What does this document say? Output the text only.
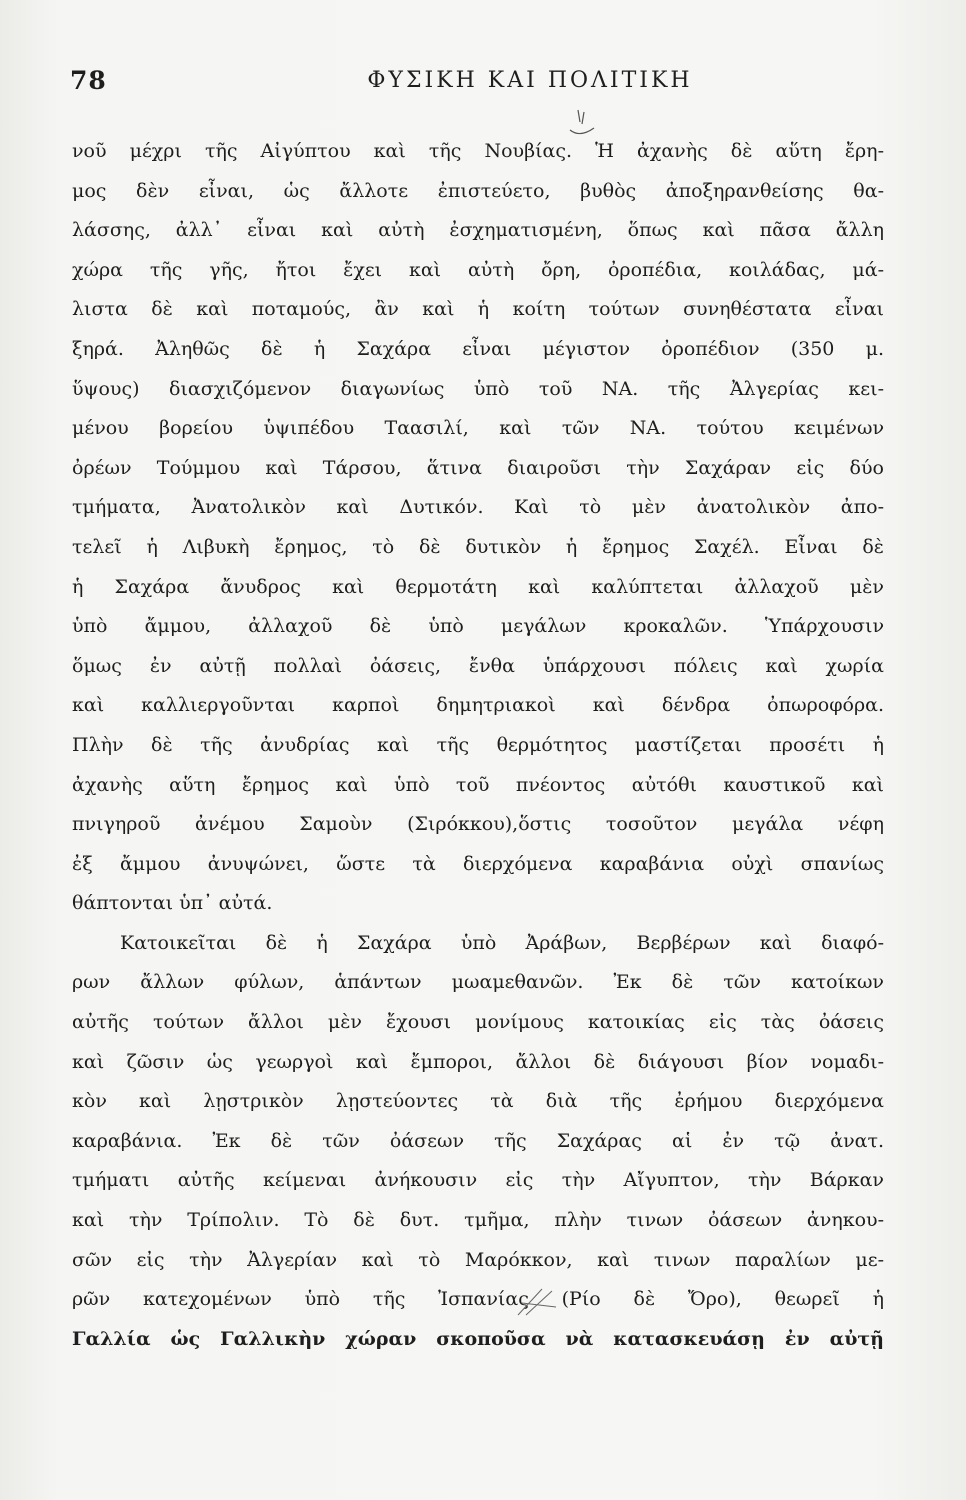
78	ΦΥΣΙΚΗ ΚΑΙ ΠΟΛΙΤΙΚΗ
νοῦ μέχρι τῆς Αἰγύπτου καὶ τῆς Νουβίας. Ἡ ἀχανὴς δὲ αὕτη ἔρη-
μος δὲν εἶναι, ὡς ἄλλοτε ἐπιστεύετο, βυθὸς ἀποξηρανθείσης θα-
λάσσης, ἀλλ᾽ εἶναι καὶ αὐτὴ ἐσχηματισμένη, ὅπως καὶ πᾶσα ἄλλη
χώρα τῆς γῆς, ἤτοι ἔχει καὶ αὐτὴ ὄρη, ὀροπέδια, κοιλάδας, μά-
λιστα δὲ καὶ ποταμούς, ἂν καὶ ἡ κοίτη τούτων συνηθέστατα εἶναι
ξηρά. Ἀληθῶς δὲ ἡ Σαχάρα εἶναι μέγιστον ὀροπέδιον (350 μ.
ὕψους) διασχιζόμενον διαγωνίως ὑπὸ τοῦ ΝΑ. τῆς Ἀλγερίας κει-
μένου βορείου ὑψιπέδου Ταασιλί, καὶ τῶν ΝΑ. τούτου κειμένων
ὀρέων Τούμμου καὶ Τάρσου, ἅτινα διαιροῦσι τὴν Σαχάραν εἰς δύο
τμήματα, Ἀνατολικὸν καὶ Δυτικόν. Καὶ τὸ μὲν ἀνατολικὸν ἀπο-
τελεῖ ἡ Λιβυκὴ ἔρημος, τὸ δὲ δυτικὸν ἡ ἔρημος Σαχέλ. Εἶναι δὲ
ἡ Σαχάρα ἄνυδρος καὶ θερμοτάτη καὶ καλύπτεται ἀλλαχοῦ μὲν
ὑπὸ ἄμμου, ἀλλαχοῦ δὲ ὑπὸ μεγάλων κροκαλῶν. Ὑπάρχουσιν
ὅμως ἐν αὐτῇ πολλαὶ ὀάσεις, ἔνθα ὑπάρχουσι πόλεις καὶ χωρία
καὶ καλλιεργοῦνται καρποὶ δημητριακοὶ καὶ δένδρα ὀπωροφόρα.
Πλὴν δὲ τῆς ἀνυδρίας καὶ τῆς θερμότητος μαστίζεται προσέτι ἡ
ἀχανὴς αὕτη ἔρημος καὶ ὑπὸ τοῦ πνέοντος αὐτόθι καυστικοῦ καὶ
πνιγηροῦ ἀνέμου Σαμοὺν (Σιρόκκου),ὅστις τοσοῦτον μεγάλα νέφη
ἐξ ἄμμου ἀνυψώνει, ὥστε τὰ διερχόμενα καραβάνια οὐχὶ σπανίως
θάπτονται ὑπ᾽ αὐτά.
Κατοικεῖται δὲ ἡ Σαχάρα ὑπὸ Ἀράβων, Βερβέρων καὶ διαφό-
ρων ἄλλων φύλων, ἁπάντων μωαμεθανῶν. Ἐκ δὲ τῶν κατοίκων
αὐτῆς τούτων ἄλλοι μὲν ἔχουσι μονίμους κατοικίας εἰς τὰς ὀάσεις
καὶ ζῶσιν ὡς γεωργοὶ καὶ ἔμποροι, ἄλλοι δὲ διάγουσι βίον νομαδι-
κὸν καὶ λῃστρικὸν λῃστεύοντες τὰ διὰ τῆς ἐρήμου διερχόμενα
καραβάνια. Ἐκ δὲ τῶν ὀάσεων τῆς Σαχάρας αἱ ἐν τῷ ἀνατ.
τμήματι αὐτῆς κείμεναι ἀνήκουσιν εἰς τὴν Αἴγυπτον, τὴν Βάρκαν
καὶ τὴν Τρίπολιν. Τὸ δὲ δυτ. τμῆμα, πλὴν τινων ὀάσεων ἀνηκου-
σῶν εἰς τὴν Ἀλγερίαν καὶ τὸ Μαρόκκον, καὶ τινων παραλίων με-
ρῶν κατεχομένων ὑπὸ τῆς Ἰσπανίας (Ρίο δὲ Ὄρο), θεωρεῖ ἡ
Γαλλία ὡς Γαλλικὴν χώραν σκοποῦσα νὰ κατασκευάσῃ ἐν αὐτῇ
